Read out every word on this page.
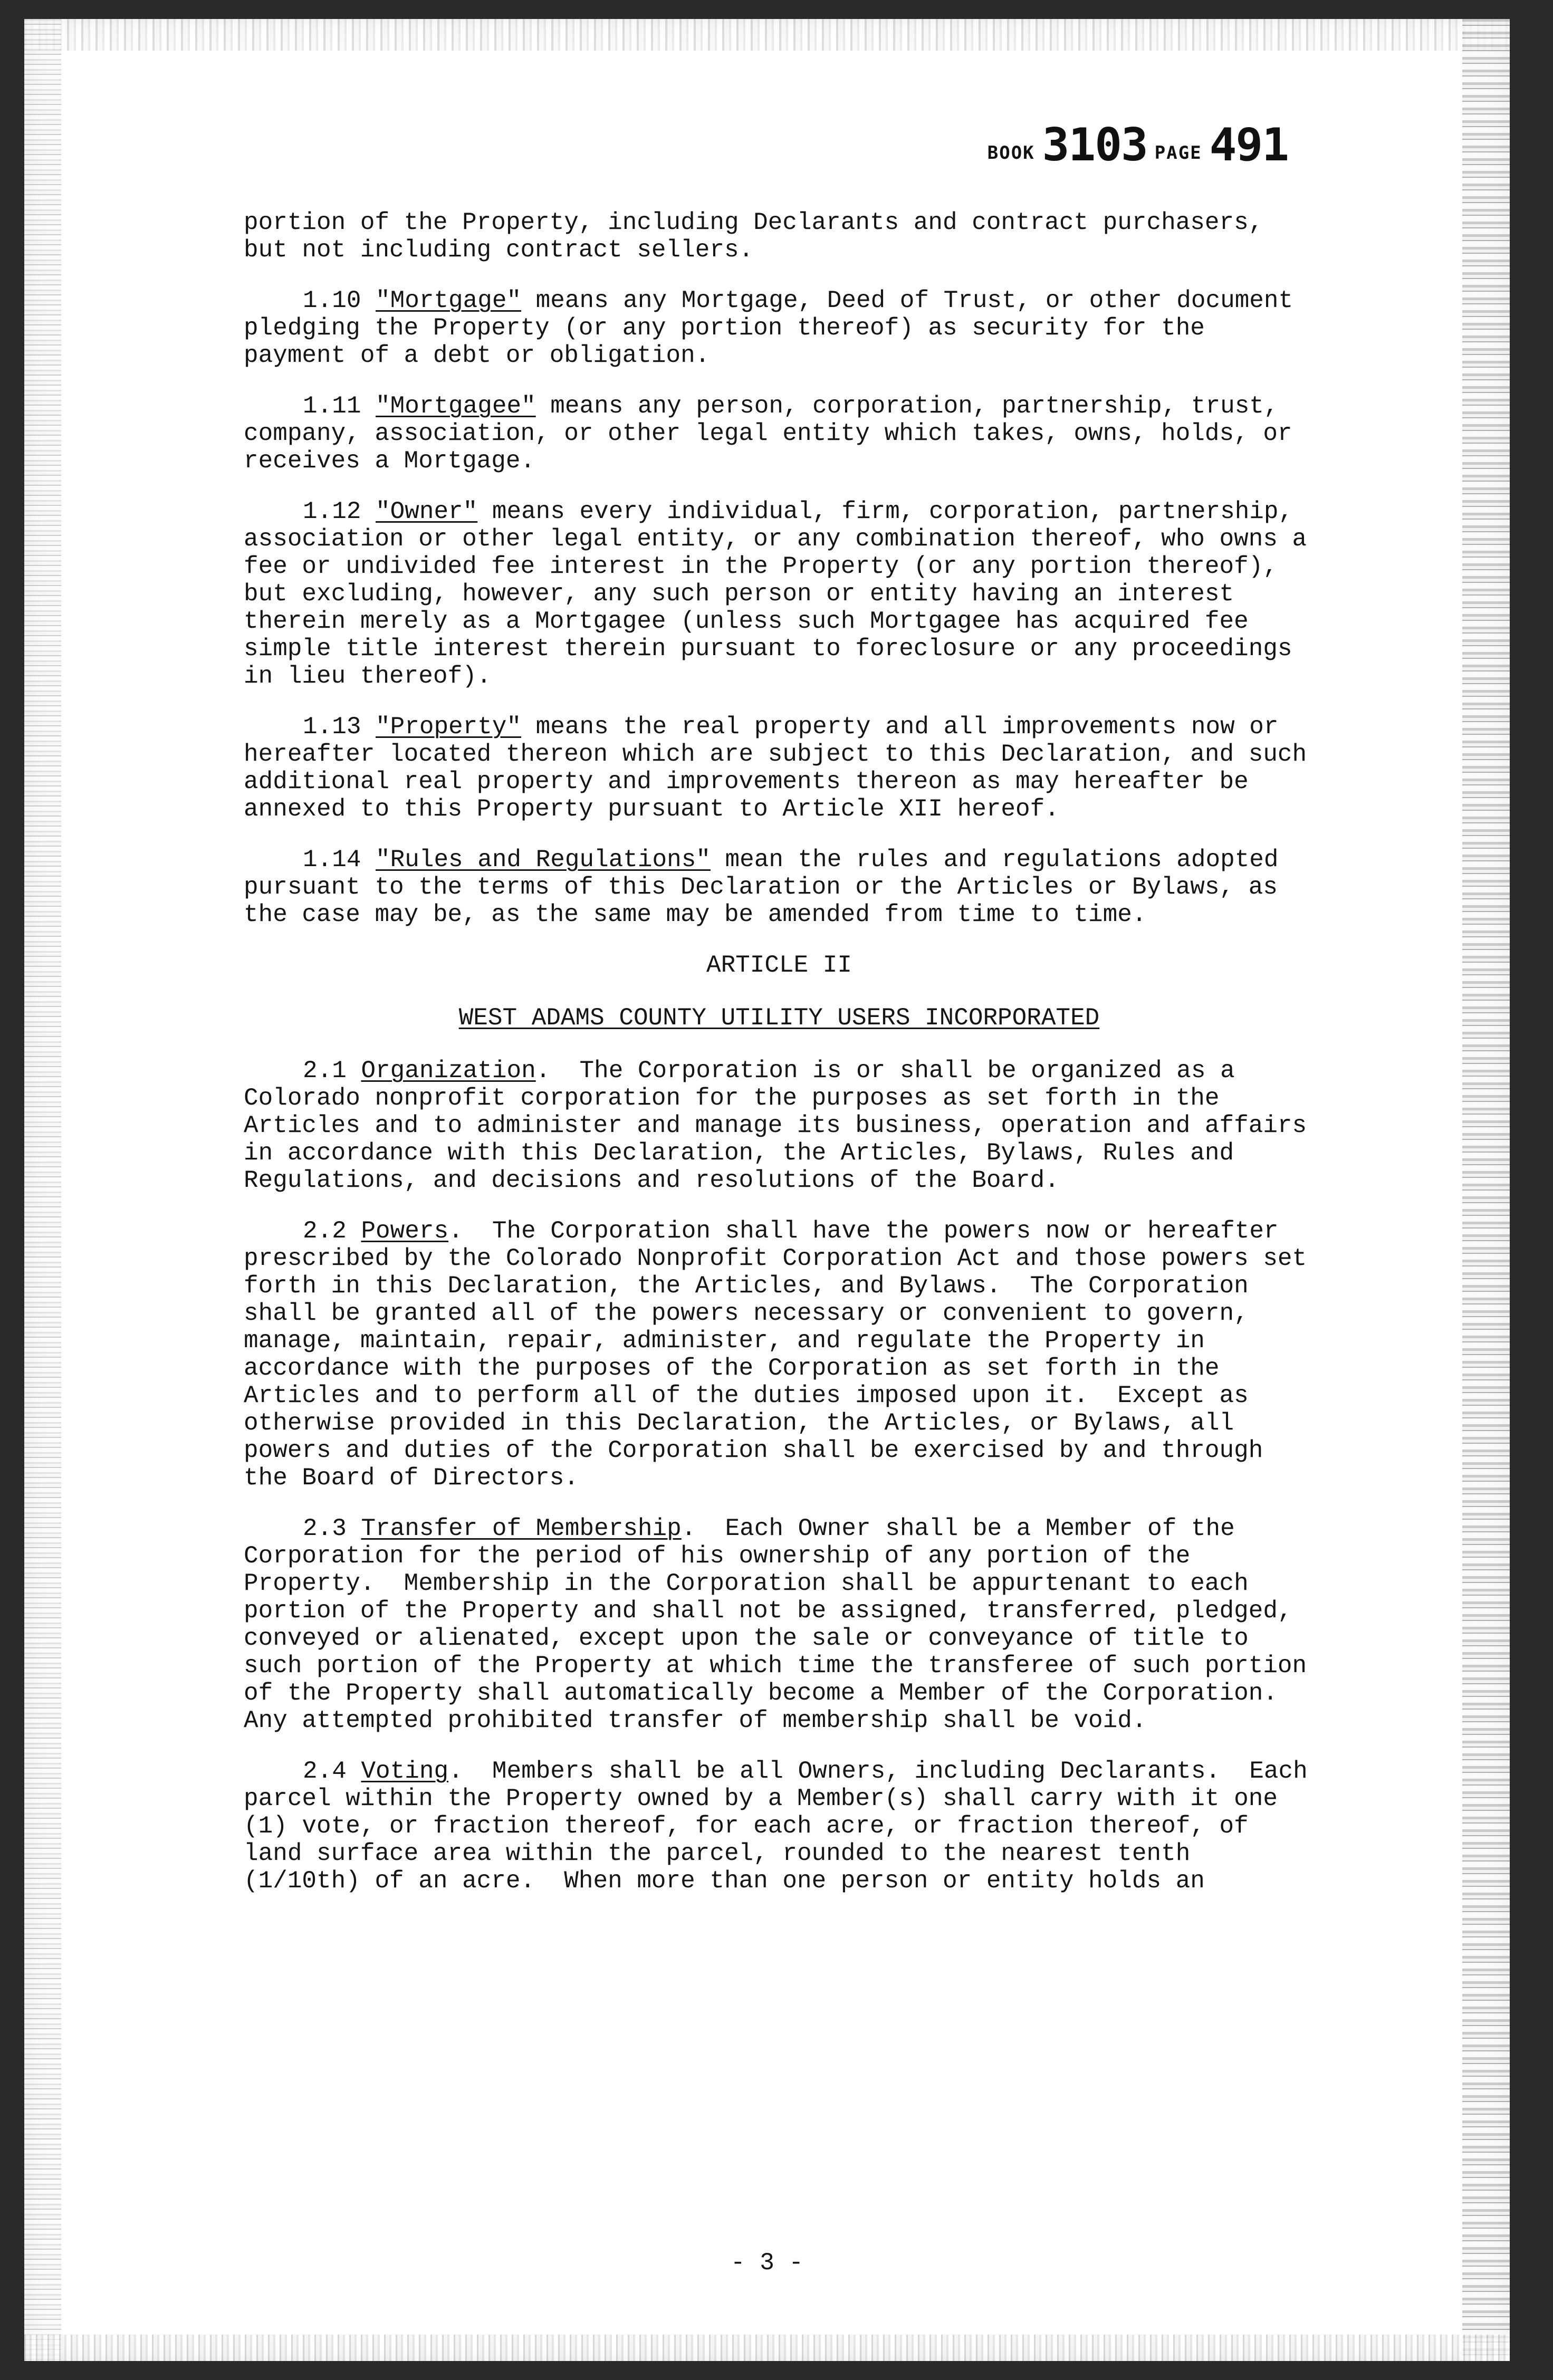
BOOK 3103 PAGE 491

portion of the Property, including Declarants and contract purchasers, but not including contract sellers.

1.10 "Mortgage" means any Mortgage, Deed of Trust, or other document pledging the Property (or any portion thereof) as security for the payment of a debt or obligation.

1.11 "Mortgagee" means any person, corporation, partnership, trust, company, association, or other legal entity which takes, owns, holds, or receives a Mortgage.

1.12 "Owner" means every individual, firm, corporation, partnership, association or other legal entity, or any combination thereof, who owns a fee or undivided fee interest in the Property (or any portion thereof), but excluding, however, any such person or entity having an interest therein merely as a Mortgagee (unless such Mortgagee has acquired fee simple title interest therein pursuant to foreclosure or any proceedings in lieu thereof).

1.13 "Property" means the real property and all improvements now or hereafter located thereon which are subject to this Declaration, and such additional real property and improvements thereon as may hereafter be annexed to this Property pursuant to Article XII hereof.

1.14 "Rules and Regulations" mean the rules and regulations adopted pursuant to the terms of this Declaration or the Articles or Bylaws, as the case may be, as the same may be amended from time to time.

ARTICLE II
WEST ADAMS COUNTY UTILITY USERS INCORPORATED

2.1 Organization.  The Corporation is or shall be organized as a Colorado nonprofit corporation for the purposes as set forth in the Articles and to administer and manage its business, operation and affairs in accordance with this Declaration, the Articles, Bylaws, Rules and Regulations, and decisions and resolutions of the Board.

2.2 Powers.  The Corporation shall have the powers now or hereafter prescribed by the Colorado Nonprofit Corporation Act and those powers set forth in this Declaration, the Articles, and Bylaws.  The Corporation shall be granted all of the powers necessary or convenient to govern, manage, maintain, repair, administer, and regulate the Property in accordance with the purposes of the Corporation as set forth in the Articles and to perform all of the duties imposed upon it.  Except as otherwise provided in this Declaration, the Articles, or Bylaws, all powers and duties of the Corporation shall be exercised by and through the Board of Directors.

2.3 Transfer of Membership.  Each Owner shall be a Member of the Corporation for the period of his ownership of any portion of the Property.  Membership in the Corporation shall be appurtenant to each portion of the Property and shall not be assigned, transferred, pledged, conveyed or alienated, except upon the sale or conveyance of title to such portion of the Property at which time the transferee of such portion of the Property shall automatically become a Member of the Corporation.  Any attempted prohibited transfer of membership shall be void.

2.4 Voting.  Members shall be all Owners, including Declarants.  Each parcel within the Property owned by a Member(s) shall carry with it one (1) vote, or fraction thereof, for each acre, or fraction thereof, of land surface area within the parcel, rounded to the nearest tenth (1/10th) of an acre.  When more than one person or entity holds an

- 3 -
